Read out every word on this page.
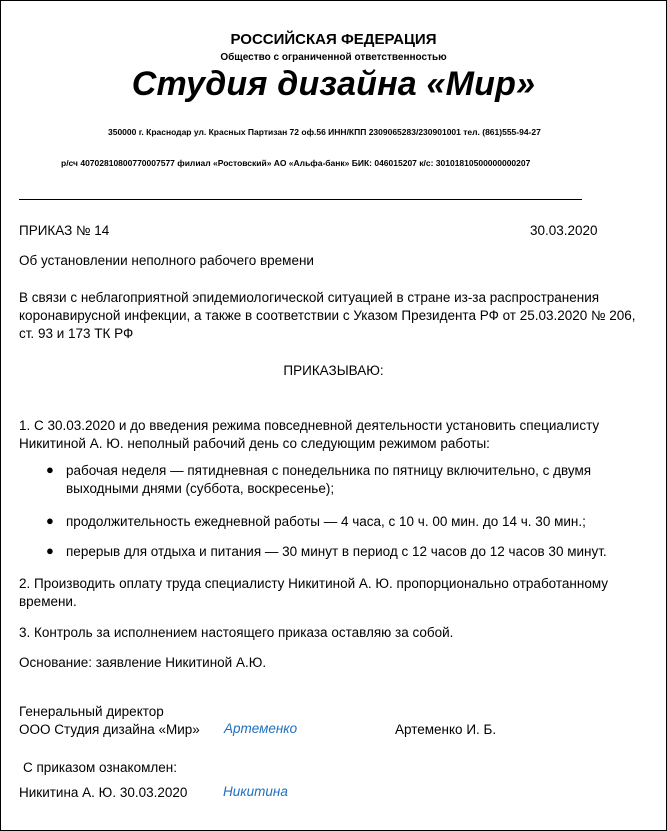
РОССИЙСКАЯ ФЕДЕРАЦИЯ
Общество с ограниченной ответственностью
Студия дизайна «Мир»
350000 г. Краснодар ул. Красных Партизан 72 оф.56 ИНН/КПП 2309065283/230901001 тел. (861)555-94-27
р/сч 40702810800770007577 филиал «Ростовский» АО «Альфа-банк» БИК: 046015207 к/с: 30101810500000000207
ПРИКАЗ № 14	30.03.2020
Об установлении неполного рабочего времени
В связи с неблагоприятной эпидемиологической ситуацией в стране из-за распространения коронавирусной инфекции, а также в соответствии с Указом Президента РФ от 25.03.2020 № 206, ст. 93 и 173 ТК РФ
ПРИКАЗЫВАЮ:
1. С 30.03.2020 и до введения режима повседневной деятельности установить специалисту Никитиной А. Ю. неполный рабочий день со следующим режимом работы:
● рабочая неделя — пятидневная с понедельника по пятницу включительно, с двумя выходными днями (суббота, воскресенье);
● продолжительность ежедневной работы — 4 часа, с 10 ч. 00 мин. до 14 ч. 30 мин.;
● перерыв для отдыха и питания — 30 минут в период с 12 часов до 12 часов 30 минут.
2. Производить оплату труда специалисту Никитиной А. Ю. пропорционально отработанному времени.
3. Контроль за исполнением настоящего приказа оставляю за собой.
Основание: заявление Никитиной А.Ю.
Генеральный директор
ООО Студия дизайна «Мир» Артеменко	Артеменко И. Б.
С приказом ознакомлен:
Никитина А. Ю. 30.03.2020	Никитина
